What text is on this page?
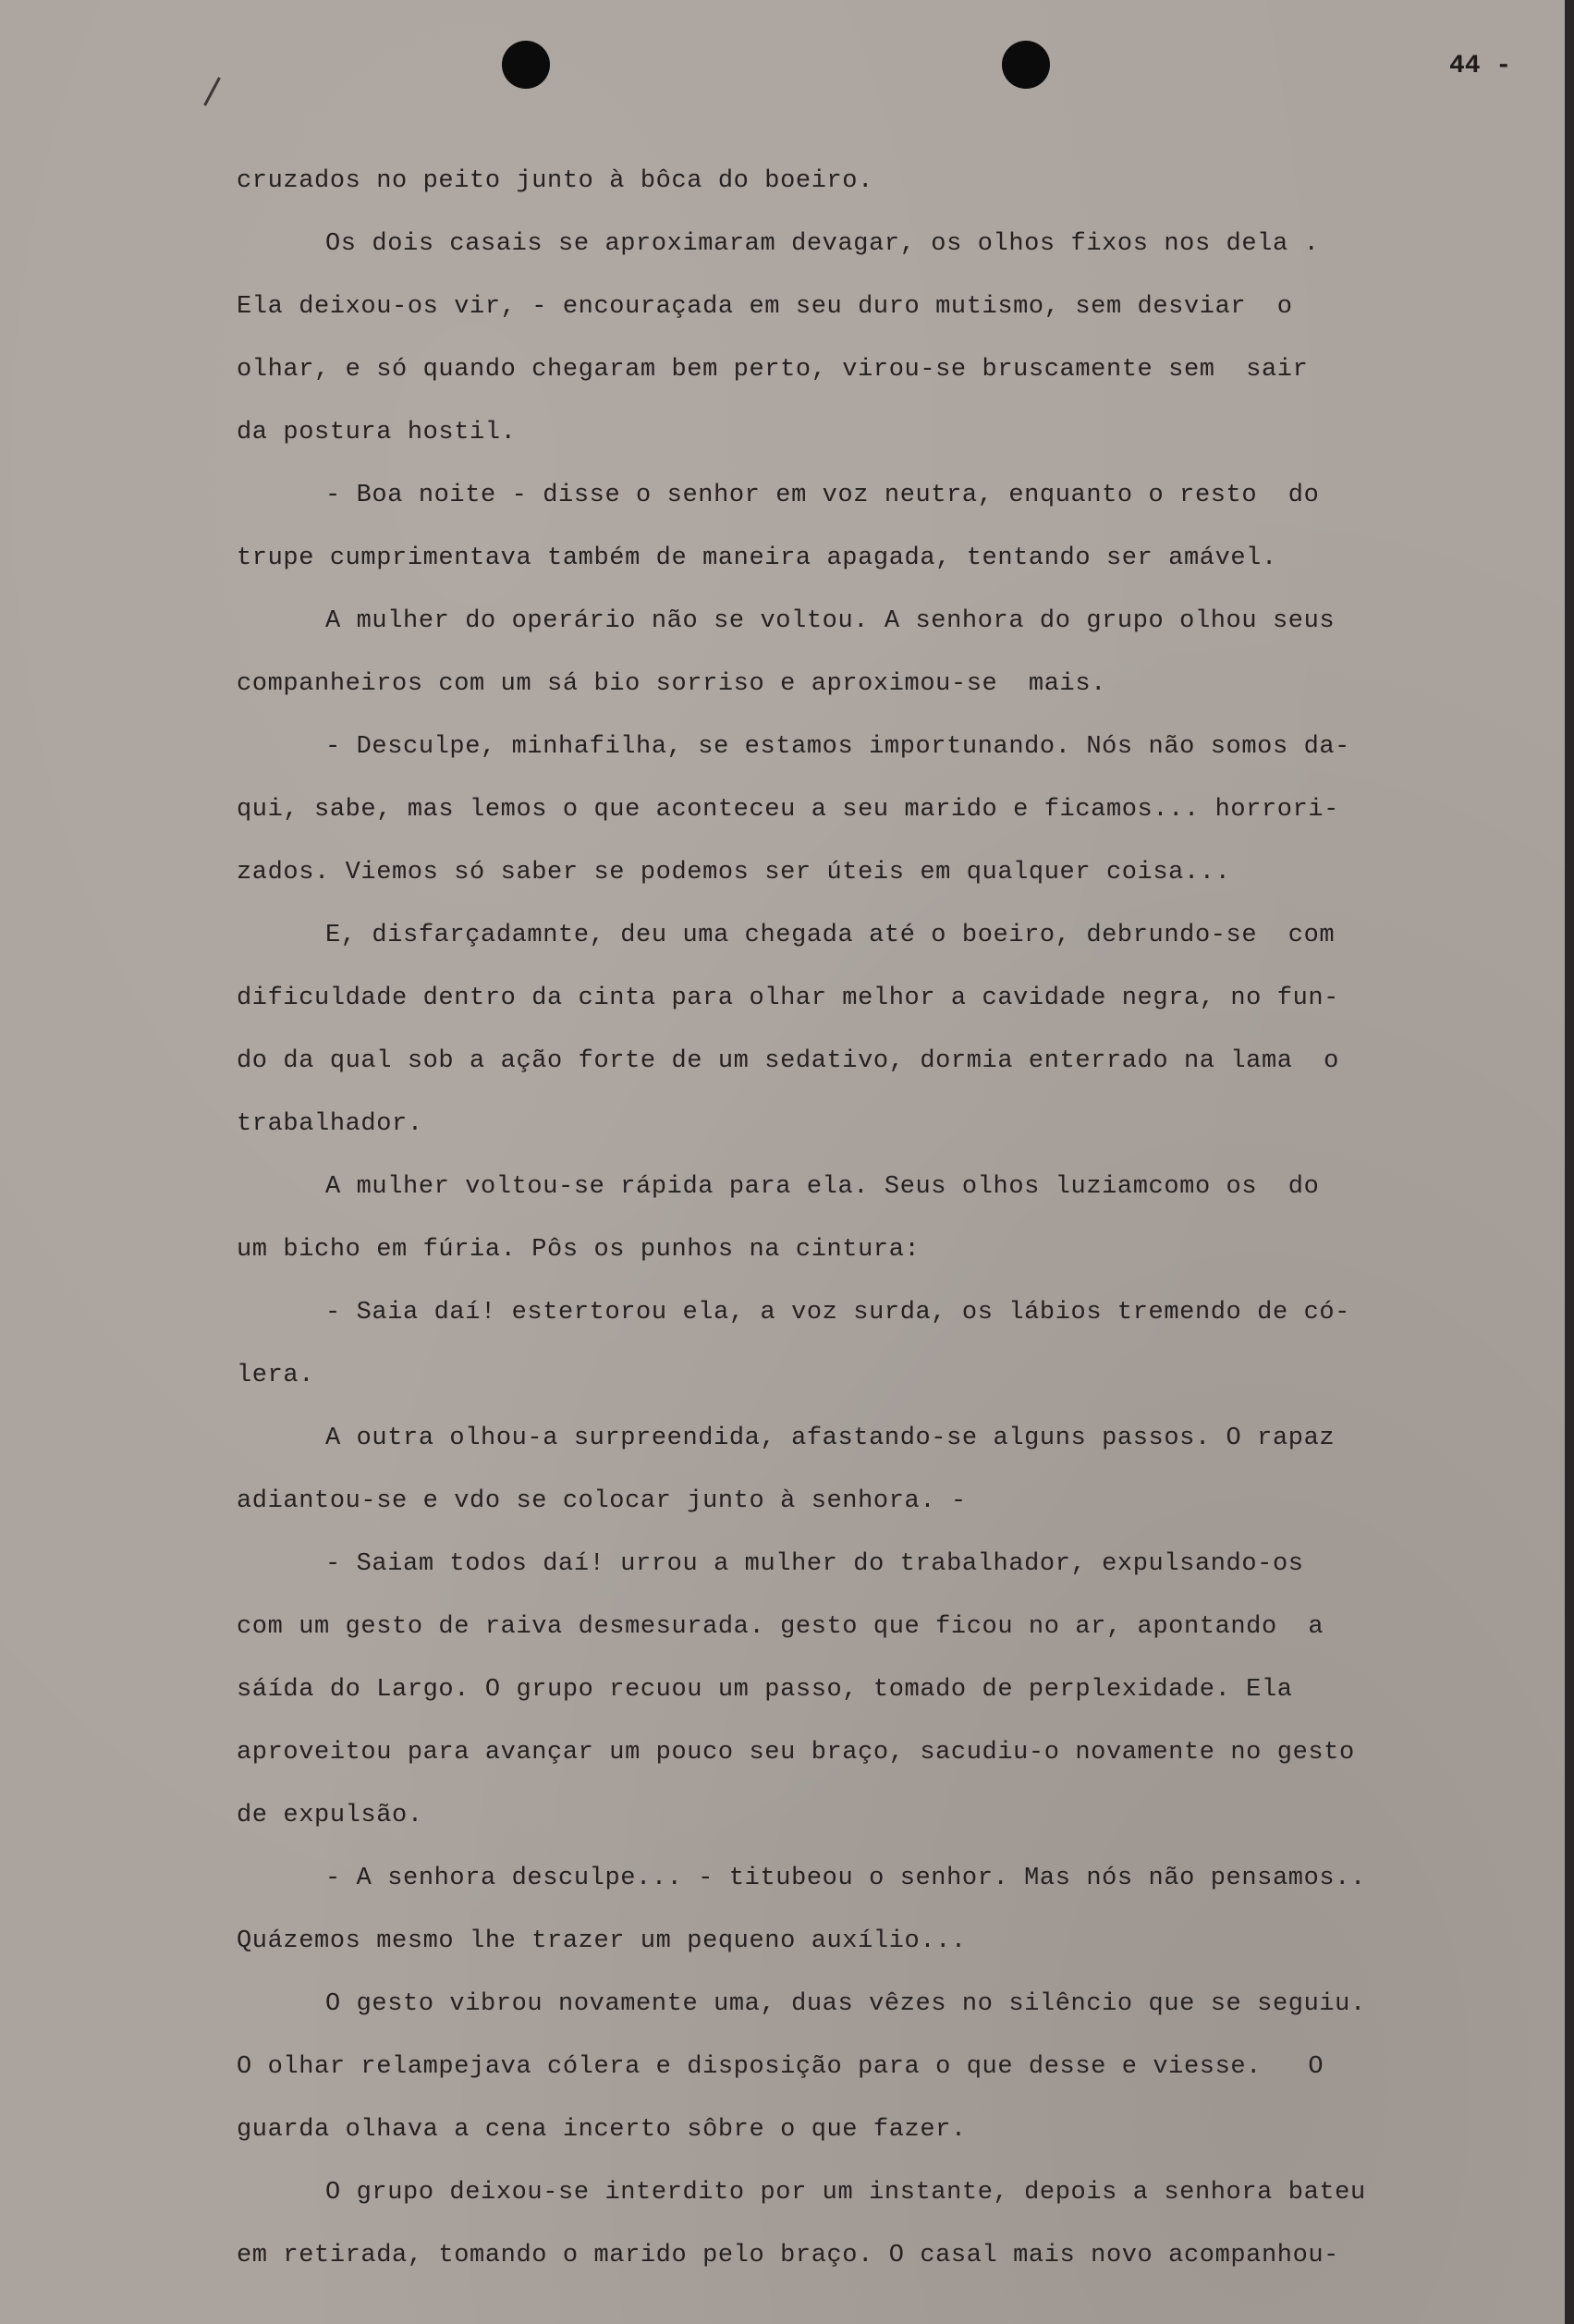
44 -
cruzados no peito junto à bôca do boeiro.
Os dois casais se aproximaram devagar, os olhos fixos nos dela .
Ela deixou-os vir, - encouraçada em seu duro mutismo, sem desviar  o
olhar, e só quando chegaram bem perto, virou-se bruscamente sem  sair
da postura hostil.
- Boa noite - disse o senhor em voz neutra, enquanto o resto  do
trupe cumprimentava também de maneira apagada, tentando ser amável.
A mulher do operário não se voltou. A senhora do grupo olhou seus
companheiros com um sá bio sorriso e aproximou-se  mais.
- Desculpe, minhafilha, se estamos importunando. Nós não somos da-
qui, sabe, mas lemos o que aconteceu a seu marido e ficamos... horrori-
zados. Viemos só saber se podemos ser úteis em qualquer coisa...
E, disfarçadamnte, deu uma chegada até o boeiro, debrundo-se  com
dificuldade dentro da cinta para olhar melhor a cavidade negra, no fun-
do da qual sob a ação forte de um sedativo, dormia enterrado na lama  o
trabalhador.
A mulher voltou-se rápida para ela. Seus olhos luziamcomo os  do
um bicho em fúria. Pôs os punhos na cintura:
- Saia daí! estertorou ela, a voz surda, os lábios tremendo de có-
lera.
A outra olhou-a surpreendida, afastando-se alguns passos. O rapaz
adiantou-se e vdo se colocar junto à senhora. -
- Saiam todos daí! urrou a mulher do trabalhador, expulsando-os
com um gesto de raiva desmesurada. gesto que ficou no ar, apontando  a
sáída do Largo. O grupo recuou um passo, tomado de perplexidade. Ela
aproveitou para avançar um pouco seu braço, sacudiu-o novamente no gesto
de expulsão.
- A senhora desculpe... - titubeou o senhor. Mas nós não pensamos..
Quázemos mesmo lhe trazer um pequeno auxílio...
O gesto vibrou novamente uma, duas vêzes no silêncio que se seguiu.
O olhar relampejava cólera e disposição para o que desse e viesse.   O
guarda olhava a cena incerto sôbre o que fazer.
O grupo deixou-se interdito por um instante, depois a senhora bateu
em retirada, tomando o marido pelo braço. O casal mais novo acompanhou-
